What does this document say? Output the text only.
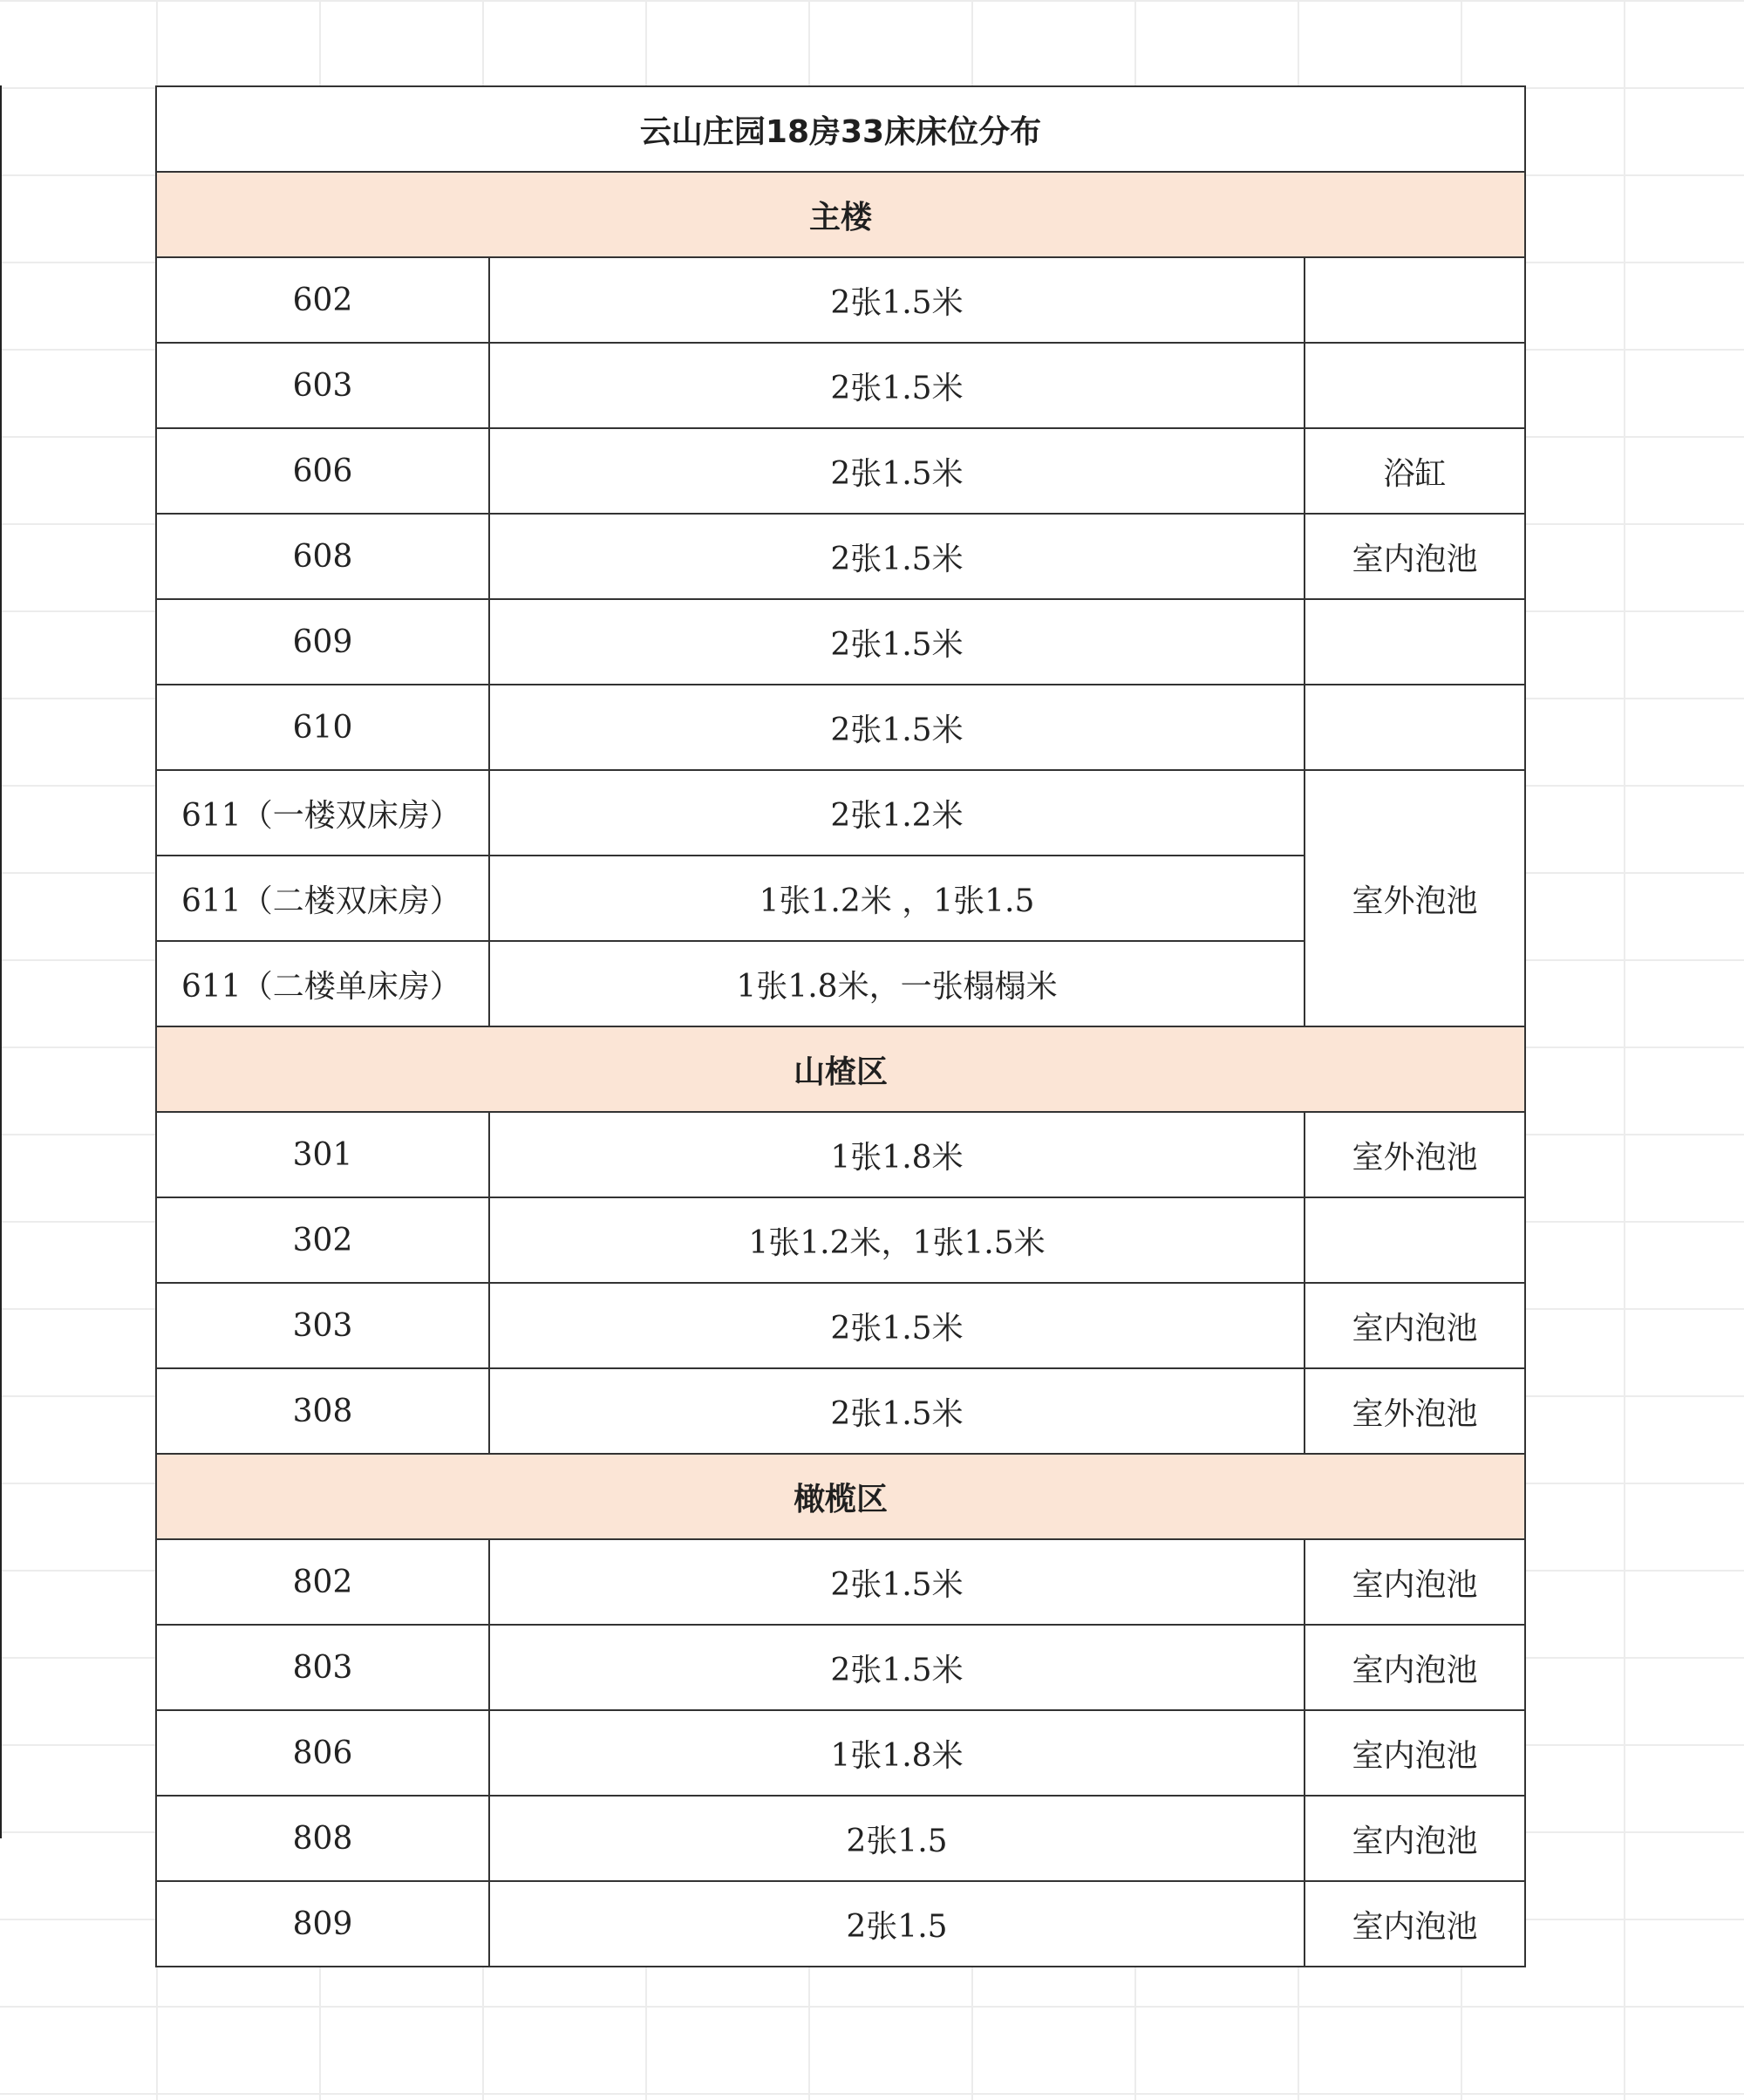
云山庄园18房33床床位分布		
主楼		
602	2张1.5米	
603	2张1.5米	
606	2张1.5米	浴缸
608	2张1.5米	室内泡池
609	2张1.5米	
610	2张1.5米	
611（一楼双床房）	2张1.2米	室外泡池
611（二楼双床房）	1张1.2米 ，1张1.5	
611（二楼单床房）	1张1.8米，一张榻榻米	
山楂区		
301	1张1.8米	室外泡池
302	1张1.2米，1张1.5米	
303	2张1.5米	室内泡池
308	2张1.5米	室外泡池
橄榄区		
802	2张1.5米	室内泡池
803	2张1.5米	室内泡池
806	1张1.8米	室内泡池
808	2张1.5	室内泡池
809	2张1.5	室内泡池
